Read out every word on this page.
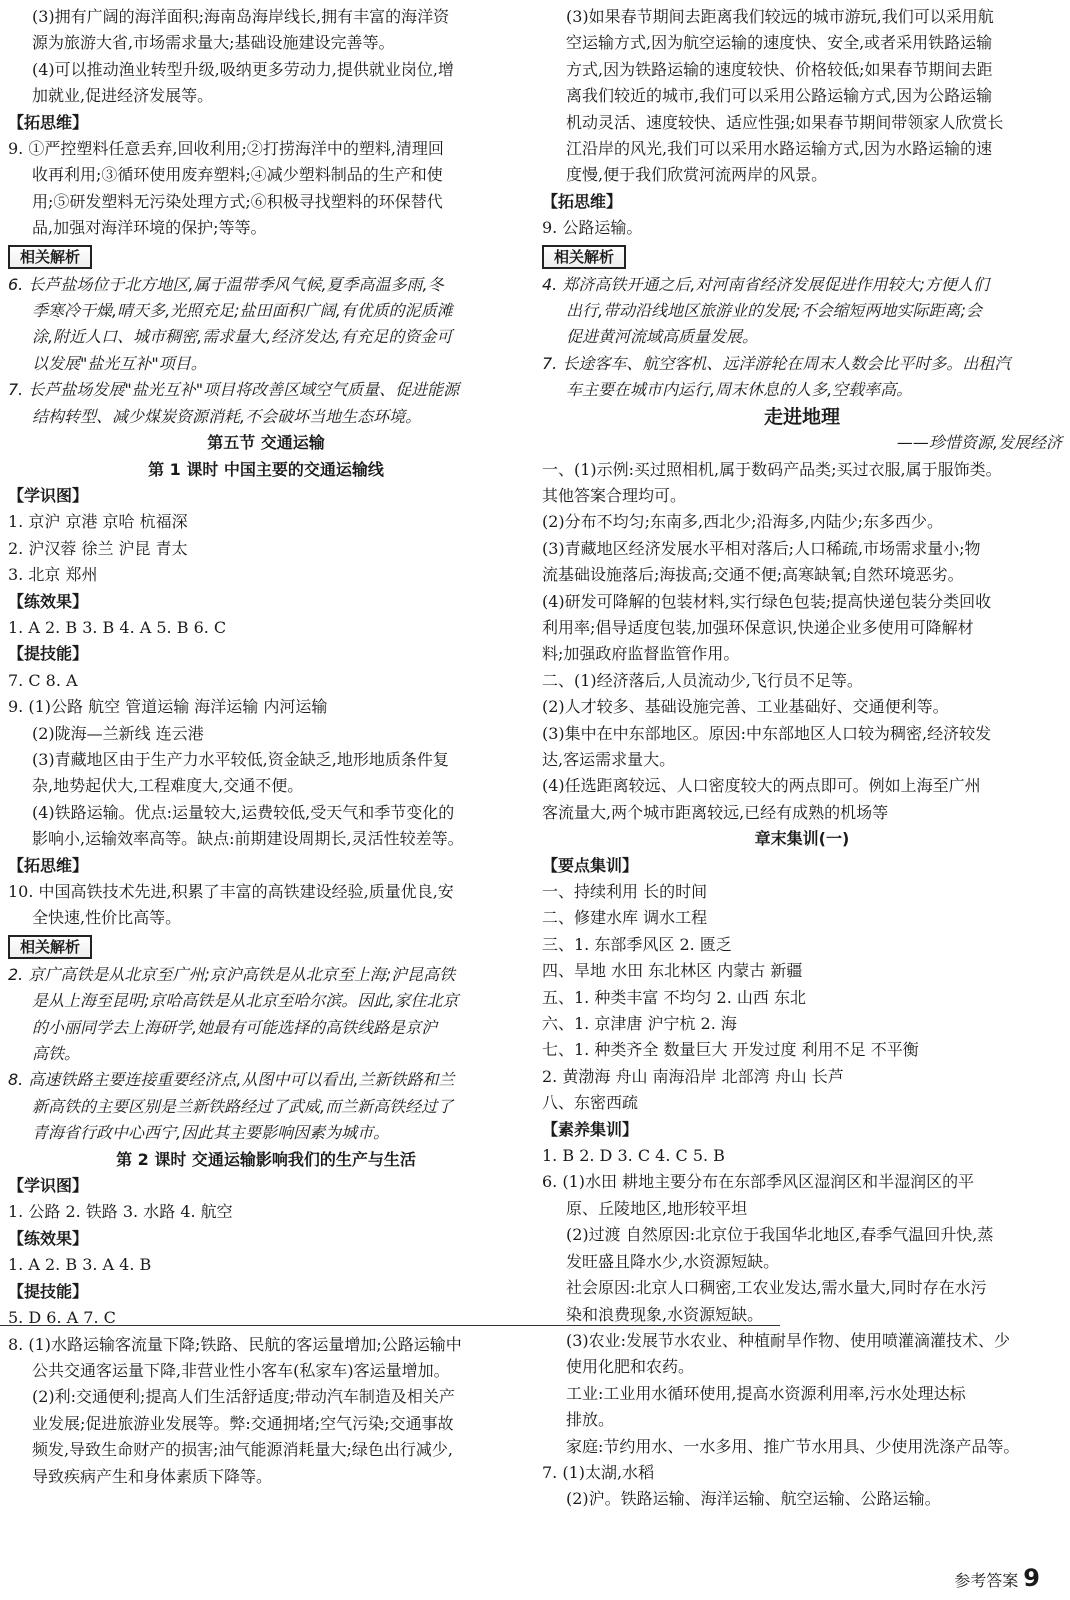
(3)拥有广阔的海洋面积;海南岛海岸线长,拥有丰富的海洋资
源为旅游大省,市场需求量大;基础设施建设完善等。
(4)可以推动渔业转型升级,吸纳更多劳动力,提供就业岗位,增
加就业,促进经济发展等。
【拓思维】
9. ①严控塑料任意丢弃,回收利用;②打捞海洋中的塑料,清理回
收再利用;③循环使用废弃塑料;④减少塑料制品的生产和使
用;⑤研发塑料无污染处理方式;⑥积极寻找塑料的环保替代
品,加强对海洋环境的保护;等等。
相关解析
6. 长芦盐场位于北方地区,属于温带季风气候,夏季高温多雨,冬
季寒冷干燥,晴天多,光照充足;盐田面积广阔,有优质的泥质滩
涂,附近人口、城市稠密,需求量大,经济发达,有充足的资金可
以发展"盐光互补"项目。
7. 长芦盐场发展"盐光互补"项目将改善区域空气质量、促进能源
结构转型、减少煤炭资源消耗,不会破坏当地生态环境。
第五节 交通运输
第 1 课时 中国主要的交通运输线
【学识图】
1. 京沪 京港 京哈 杭福深
2. 沪汉蓉 徐兰 沪昆 青太
3. 北京 郑州
【练效果】
1. A 2. B 3. B 4. A 5. B 6. C
【提技能】
7. C 8. A
9. (1)公路 航空 管道运输 海洋运输 内河运输
(2)陇海—兰新线 连云港
(3)青藏地区由于生产力水平较低,资金缺乏,地形地质条件复
杂,地势起伏大,工程难度大,交通不便。
(4)铁路运输。优点:运量较大,运费较低,受天气和季节变化的
影响小,运输效率高等。缺点:前期建设周期长,灵活性较差等。
【拓思维】
10. 中国高铁技术先进,积累了丰富的高铁建设经验,质量优良,安
全快速,性价比高等。
相关解析
2. 京广高铁是从北京至广州;京沪高铁是从北京至上海;沪昆高铁
是从上海至昆明;京哈高铁是从北京至哈尔滨。因此,家住北京
的小丽同学去上海研学,她最有可能选择的高铁线路是京沪
高铁。
8. 高速铁路主要连接重要经济点,从图中可以看出,兰新铁路和兰
新高铁的主要区别是兰新铁路经过了武威,而兰新高铁经过了
青海省行政中心西宁,因此其主要影响因素为城市。
第 2 课时 交通运输影响我们的生产与生活
【学识图】
1. 公路 2. 铁路 3. 水路 4. 航空
【练效果】
1. A 2. B 3. A 4. B
【提技能】
5. D 6. A 7. C
8. (1)水路运输客流量下降;铁路、民航的客运量增加;公路运输中
公共交通客运量下降,非营业性小客车(私家车)客运量增加。
(2)利:交通便利;提高人们生活舒适度;带动汽车制造及相关产
业发展;促进旅游业发展等。弊:交通拥堵;空气污染;交通事故
频发,导致生命财产的损害;油气能源消耗量大;绿色出行减少,
导致疾病产生和身体素质下降等。
(3)如果春节期间去距离我们较远的城市游玩,我们可以采用航
空运输方式,因为航空运输的速度快、安全,或者采用铁路运输
方式,因为铁路运输的速度较快、价格较低;如果春节期间去距
离我们较近的城市,我们可以采用公路运输方式,因为公路运输
机动灵活、速度较快、适应性强;如果春节期间带领家人欣赏长
江沿岸的风光,我们可以采用水路运输方式,因为水路运输的速
度慢,便于我们欣赏河流两岸的风景。
【拓思维】
9. 公路运输。
相关解析
4. 郑济高铁开通之后,对河南省经济发展促进作用较大;方便人们
出行,带动沿线地区旅游业的发展;不会缩短两地实际距离;会
促进黄河流域高质量发展。
7. 长途客车、航空客机、远洋游轮在周末人数会比平时多。出租汽
车主要在城市内运行,周末休息的人多,空载率高。
走进地理
——珍惜资源,发展经济
一、(1)示例:买过照相机,属于数码产品类;买过衣服,属于服饰类。
其他答案合理均可。
(2)分布不均匀;东南多,西北少;沿海多,内陆少;东多西少。
(3)青藏地区经济发展水平相对落后;人口稀疏,市场需求量小;物
流基础设施落后;海拔高;交通不便;高寒缺氧;自然环境恶劣。
(4)研发可降解的包装材料,实行绿色包装;提高快递包装分类回收
利用率;倡导适度包装,加强环保意识,快递企业多使用可降解材
料;加强政府监督监管作用。
二、(1)经济落后,人员流动少,飞行员不足等。
(2)人才较多、基础设施完善、工业基础好、交通便利等。
(3)集中在中东部地区。原因:中东部地区人口较为稠密,经济较发
达,客运需求量大。
(4)任选距离较远、人口密度较大的两点即可。例如上海至广州
客流量大,两个城市距离较远,已经有成熟的机场等
章末集训(一)
【要点集训】
一、持续利用 长的时间
二、修建水库 调水工程
三、1. 东部季风区 2. 匮乏
四、旱地 水田 东北林区 内蒙古 新疆
五、1. 种类丰富 不均匀 2. 山西 东北
六、1. 京津唐 沪宁杭 2. 海
七、1. 种类齐全 数量巨大 开发过度 利用不足 不平衡
2. 黄渤海 舟山 南海沿岸 北部湾 舟山 长芦
八、东密西疏
【素养集训】
1. B 2. D 3. C 4. C 5. B
6. (1)水田 耕地主要分布在东部季风区湿润区和半湿润区的平
原、丘陵地区,地形较平坦
(2)过渡 自然原因:北京位于我国华北地区,春季气温回升快,蒸
发旺盛且降水少,水资源短缺。
社会原因:北京人口稠密,工农业发达,需水量大,同时存在水污
染和浪费现象,水资源短缺。
(3)农业:发展节水农业、种植耐旱作物、使用喷灌滴灌技术、少
使用化肥和农药。
工业:工业用水循环使用,提高水资源利用率,污水处理达标
排放。
家庭:节约用水、一水多用、推广节水用具、少使用洗涤产品等。
7. (1)太湖,水稻
(2)沪。铁路运输、海洋运输、航空运输、公路运输。
参考答案 9
